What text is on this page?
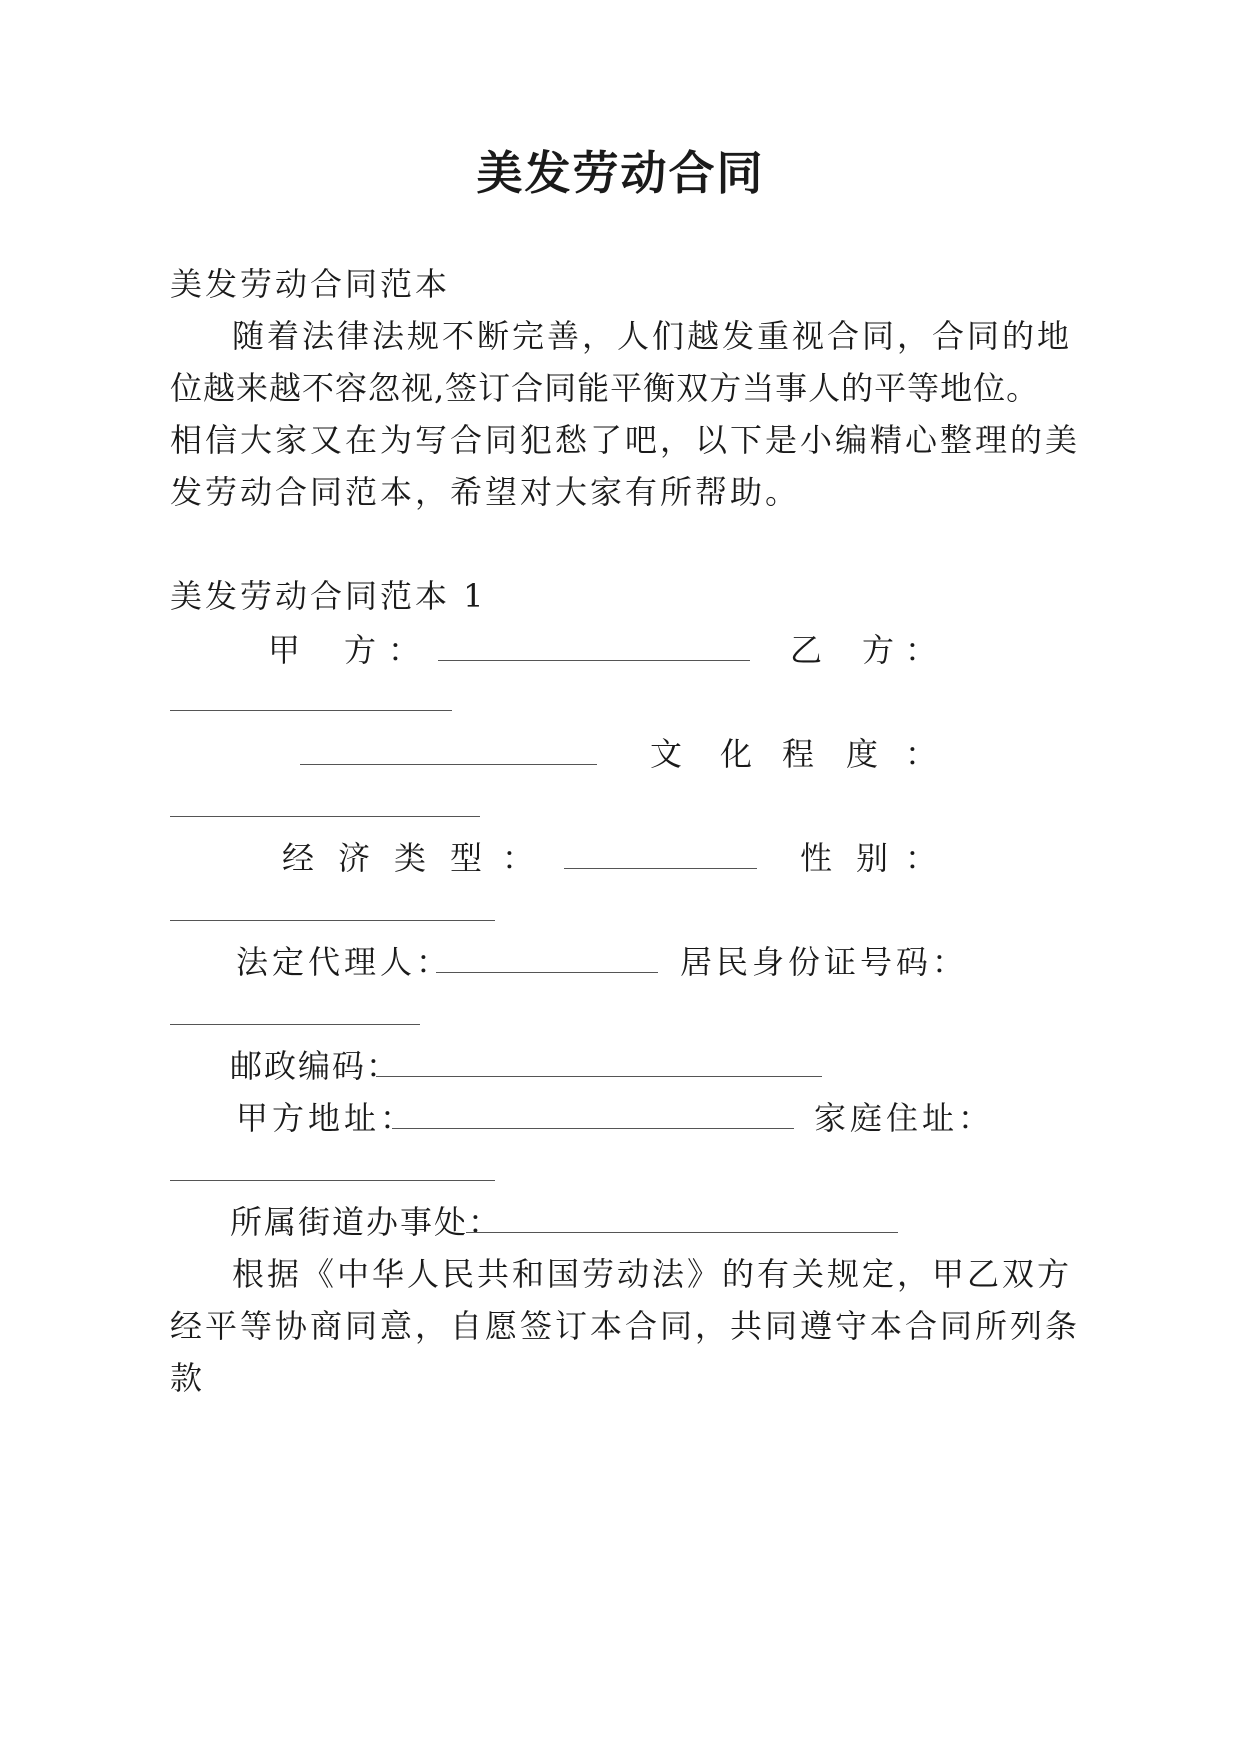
美发劳动合同
美发劳动合同范本
随着法律法规不断完善，人们越发重视合同，合同的地
位越来越不容忽视,签订合同能平衡双方当事人的平等地位。
相信大家又在为写合同犯愁了吧，以下是小编精心整理的美
发劳动合同范本，希望对大家有所帮助。
美发劳动合同范本 1
甲 方 ：	乙 方 ：
文 化 程 度 ：
经 济 类 型 ：	性 别 ：
法定代理人：	居民身份证号码：
邮政编码：
甲方地址：	家庭住址：
所属街道办事处：
根据《中华人民共和国劳动法》的有关规定，甲乙双方
经平等协商同意，自愿签订本合同，共同遵守本合同所列条
款
